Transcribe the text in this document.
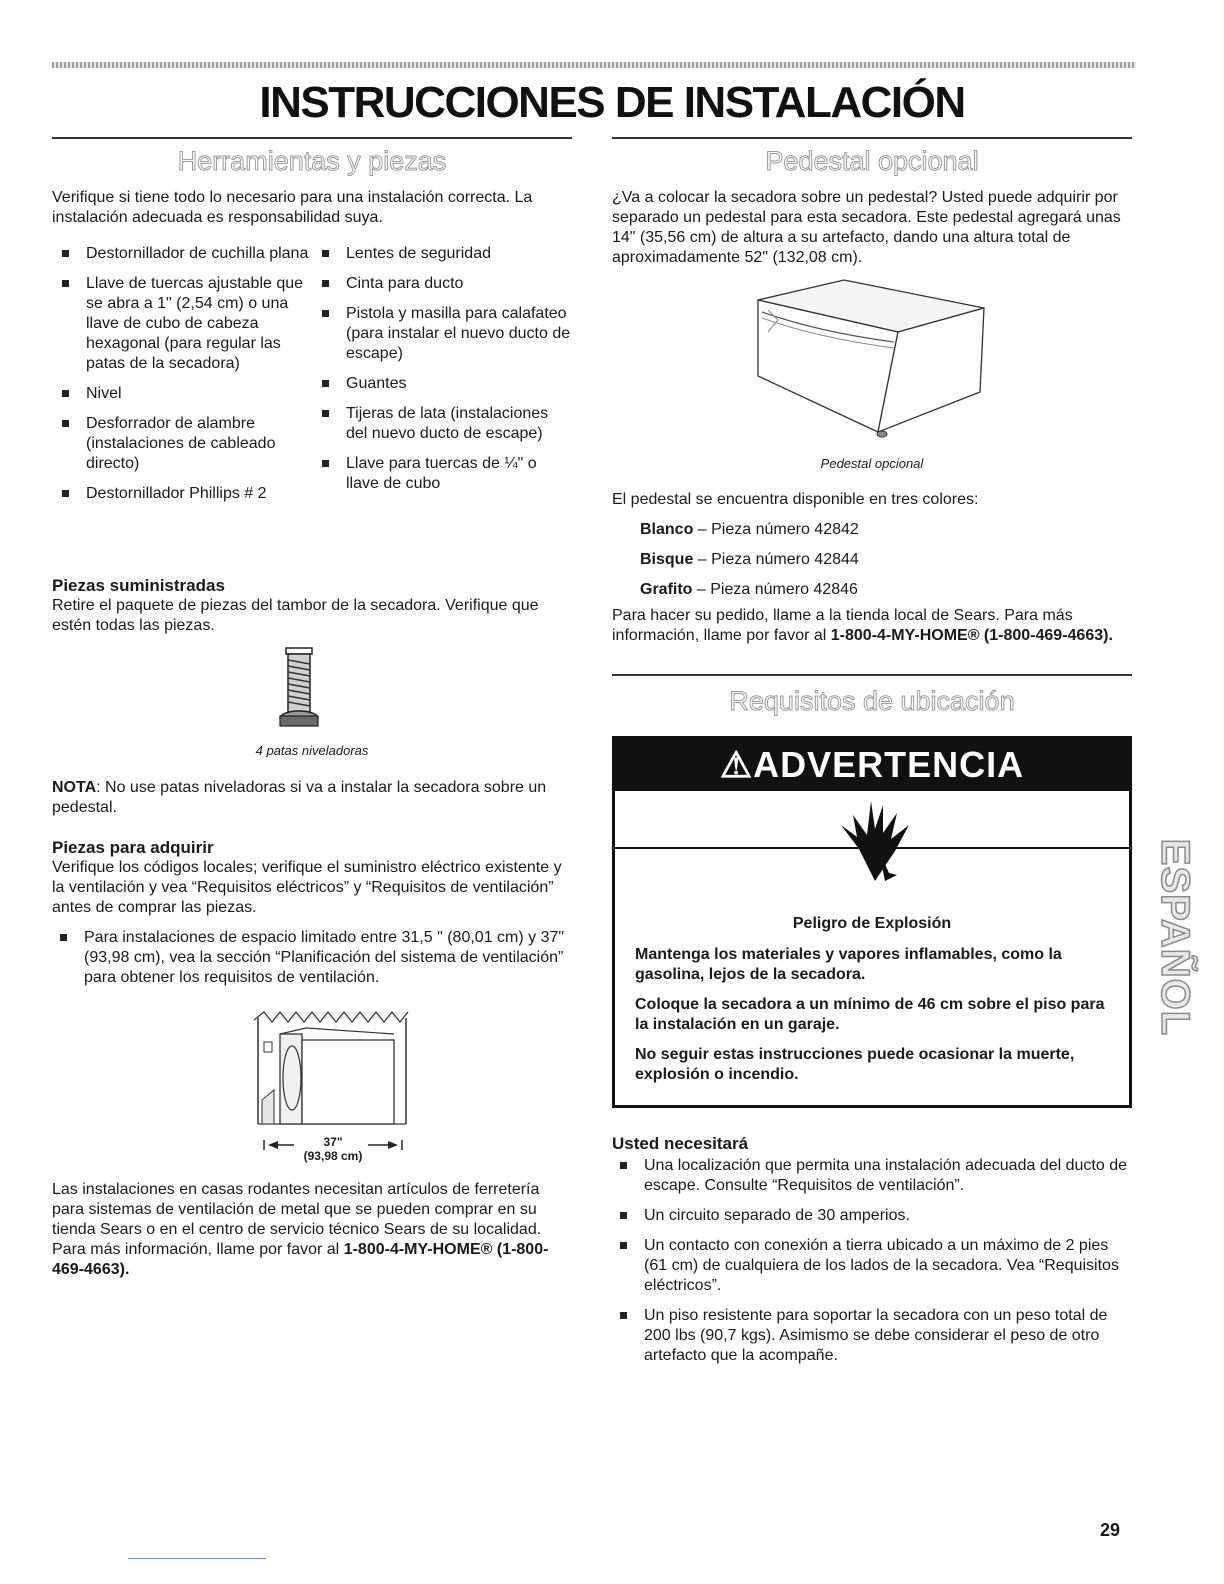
INSTRUCCIONES DE INSTALACIÓN
Herramientas y piezas

Verifique si tiene todo lo necesario para una instalación correcta. La instalación adecuada es responsabilidad suya.

Destornillador de cuchilla plana
Llave de tuercas ajustable que se abra a 1" (2,54 cm) o una llave de cubo de cabeza hexagonal (para regular las patas de la secadora)
Nivel
Desforrador de alambre (instalaciones de cableado directo)
Destornillador Phillips # 2
Lentes de seguridad
Cinta para ducto
Pistola y masilla para calafateo (para instalar el nuevo ducto de escape)
Guantes
Tijeras de lata (instalaciones del nuevo ducto de escape)
Llave para tuercas de ¼" o llave de cubo

Piezas suministradas

Retire el paquete de piezas del tambor de la secadora. Verifique que estén todas las piezas.

4 patas niveladoras

NOTA: No use patas niveladoras si va a instalar la secadora sobre un pedestal.

Piezas para adquirir

Verifique los códigos locales; verifique el suministro eléctrico existente y la ventilación y vea “Requisitos eléctricos” y “Requisitos de ventilación” antes de comprar las piezas.

Para instalaciones de espacio limitado entre 31,5 " (80,01 cm) y 37" (93,98 cm), vea la sección “Planificación del sistema de ventilación” para obtener los requisitos de ventilación.
37"
(93,98 cm)

Las instalaciones en casas rodantes necesitan artículos de ferretería para sistemas de ventilación de metal que se pueden comprar en su tienda Sears o en el centro de servicio técnico Sears de su localidad. Para más información, llame por favor al 1-800-4-MY-HOME® (1-800-469-4663).

Pedestal opcional

¿Va a colocar la secadora sobre un pedestal? Usted puede adquirir por separado un pedestal para esta secadora. Este pedestal agregará unas 14" (35,56 cm) de altura a su artefacto, dando una altura total de aproximadamente 52" (132,08 cm).

Pedestal opcional

El pedestal se encuentra disponible en tres colores:

Blanco – Pieza número 42842

Bisque – Pieza número 42844

Grafito – Pieza número 42846

Para hacer su pedido, llame a la tienda local de Sears. Para más información, llame por favor al 1-800-4-MY-HOME® (1-800-469-4663).

Requisitos de ubicación
⚠ADVERTENCIA
Peligro de Explosión

Mantenga los materiales y vapores inflamables, como la gasolina, lejos de la secadora.

Coloque la secadora a un mínimo de 46 cm sobre el piso para la instalación en un garaje.

No seguir estas instrucciones puede ocasionar la muerte, explosión o incendio.

Usted necesitará

Una localización que permita una instalación adecuada del ducto de escape. Consulte “Requisitos de ventilación”.
Un circuito separado de 30 amperios.
Un contacto con conexión a tierra ubicado a un máximo de 2 pies (61 cm) de cualquiera de los lados de la secadora. Vea “Requisitos eléctricos”.
Un piso resistente para soportar la secadora con un peso total de 200 lbs (90,7 kgs). Asimismo se debe considerar el peso de otro artefacto que la acompañe.
ESPAÑOL
29
